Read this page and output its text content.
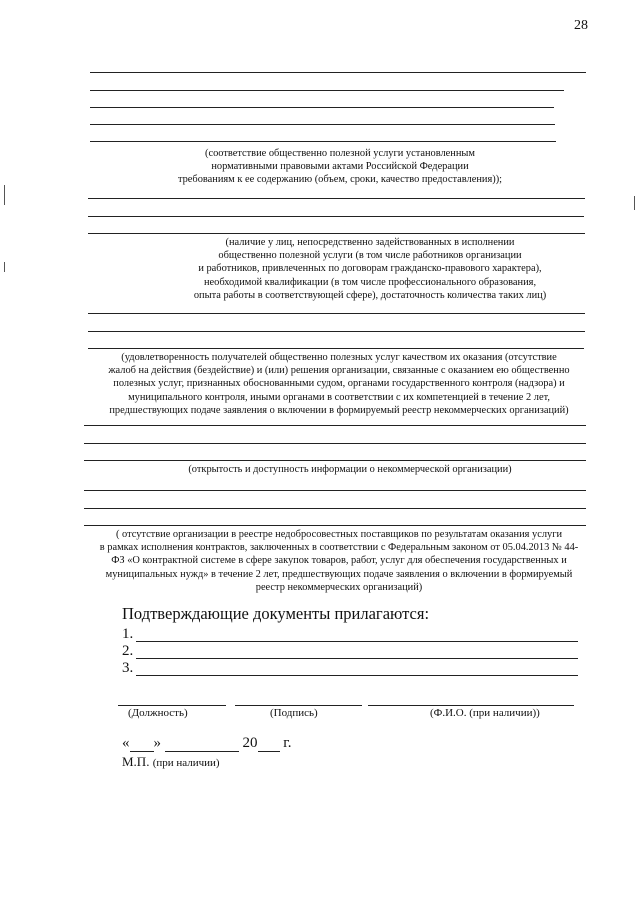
28
(соответствие общественно полезной услуги установленным
нормативными правовыми актами Российской Федерации
требованиям к ее содержанию (объем, сроки, качество предоставления));
(наличие у лиц, непосредственно задействованных в исполнении
общественно полезной услуги (в том числе работников организации
и работников, привлеченных по договорам гражданско-правового характера),
необходимой квалификации (в том числе профессионального образования,
опыта работы в соответствующей сфере), достаточность количества таких лиц)
(удовлетворенность получателей общественно полезных услуг качеством их оказания (отсутствие
жалоб на действия (бездействие) и (или) решения организации, связанные с оказанием ею общественно
полезных услуг, признанных обоснованными судом, органами государственного контроля (надзора) и
муниципального контроля, иными органами в соответствии с их компетенцией в течение 2 лет,
предшествующих подаче заявления о включении в формируемый реестр некоммерческих организаций)
(открытость и доступность информации о некоммерческой организации)
( отсутствие организации в реестре недобросовестных поставщиков по результатам оказания услуги
в рамках исполнения контрактов, заключенных в соответствии с Федеральным законом от 05.04.2013 № 44-
ФЗ «О контрактной системе в сфере закупок товаров, работ, услуг для обеспечения государственных и
муниципальных нужд» в течение 2 лет, предшествующих подаче заявления о включении в формируемый
реестр некоммерческих организаций)
Подтверждающие документы прилагаются:
1.
2.
3.
(Должность)	(Подпись)	(Ф.И.О. (при наличии))
« »	20 г.
М.П. (при наличии)
